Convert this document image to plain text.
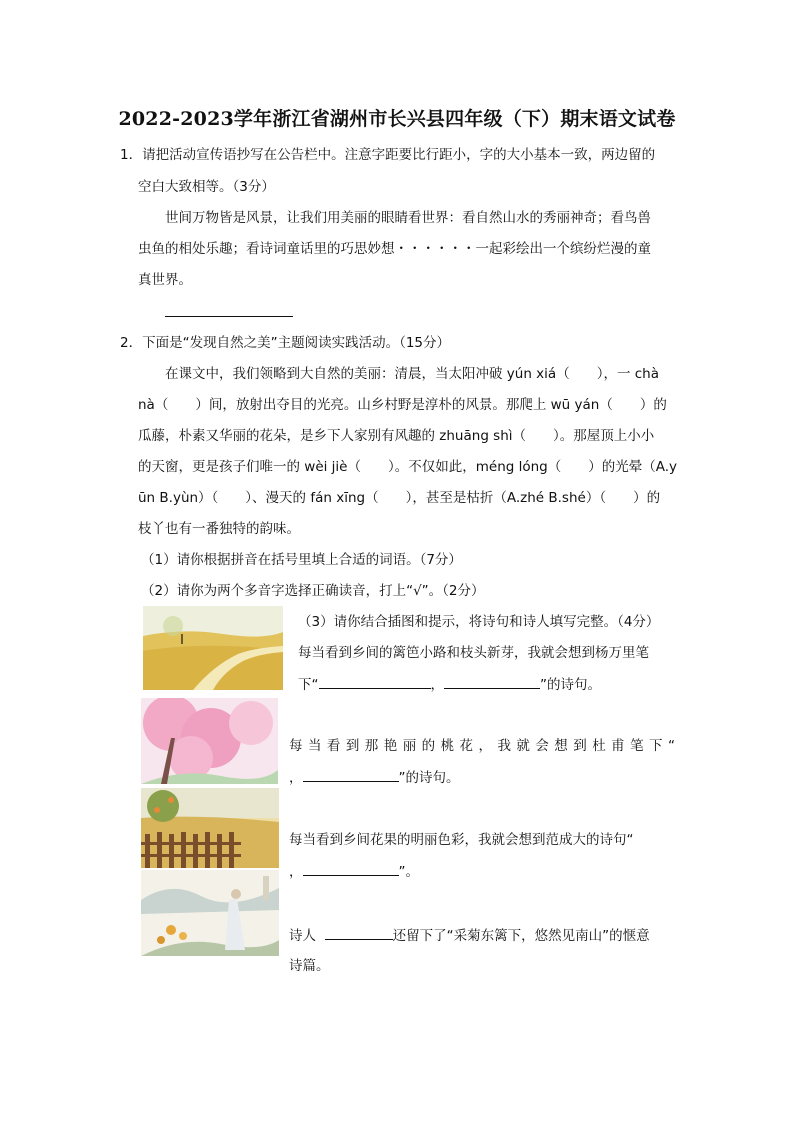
2022-2023学年浙江省湖州市长兴县四年级（下）期末语文试卷
1．请把活动宣传语抄写在公告栏中。注意字距要比行距小，字的大小基本一致，两边留的
空白大致相等。（3分）
世间万物皆是风景，让我们用美丽的眼睛看世界：看自然山水的秀丽神奇；看鸟兽
虫鱼的相处乐趣；看诗词童话里的巧思妙想・・・・・・一起彩绘出一个缤纷烂漫的童
真世界。
2．下面是“发现自然之美”主题阅读实践活动。（15分）
在课文中，我们领略到大自然的美丽：清晨，当太阳冲破 yún xiá（　　），一 chà
nà（　　）间，放射出夺目的光亮。山乡村野是淳朴的风景。那爬上 wū yán（　　）的
瓜藤，朴素又华丽的花朵，是乡下人家别有风趣的 zhuāng shì（　　）。那屋顶上小小
的天窗，更是孩子们唯一的 wèi jiè（　　）。不仅如此，méng lóng（　　）的光晕（A.y
ūn B.yùn）（　　）、漫天的 fán xīng（　　），甚至是枯折（A.zhé B.shé）（　　）的
枝丫也有一番独特的韵味。
（1）请你根据拼音在括号里填上合适的词语。（7分）
（2）请你为两个多音字选择正确读音，打上“√”。（2分）
（3）请你结合插图和提示，将诗句和诗人填写完整。（4分）
每当看到乡间的篱笆小路和枝头新芽，我就会想到杨万里笔
下“	，	”的诗句。
每当看到那艳丽的桃花，我就会想到杜甫笔下“
，	”的诗句。
每当看到乡间花果的明丽色彩，我就会想到范成大的诗句“
，	”。
诗人	还留下了“采菊东篱下，悠然见南山”的惬意
诗篇。
